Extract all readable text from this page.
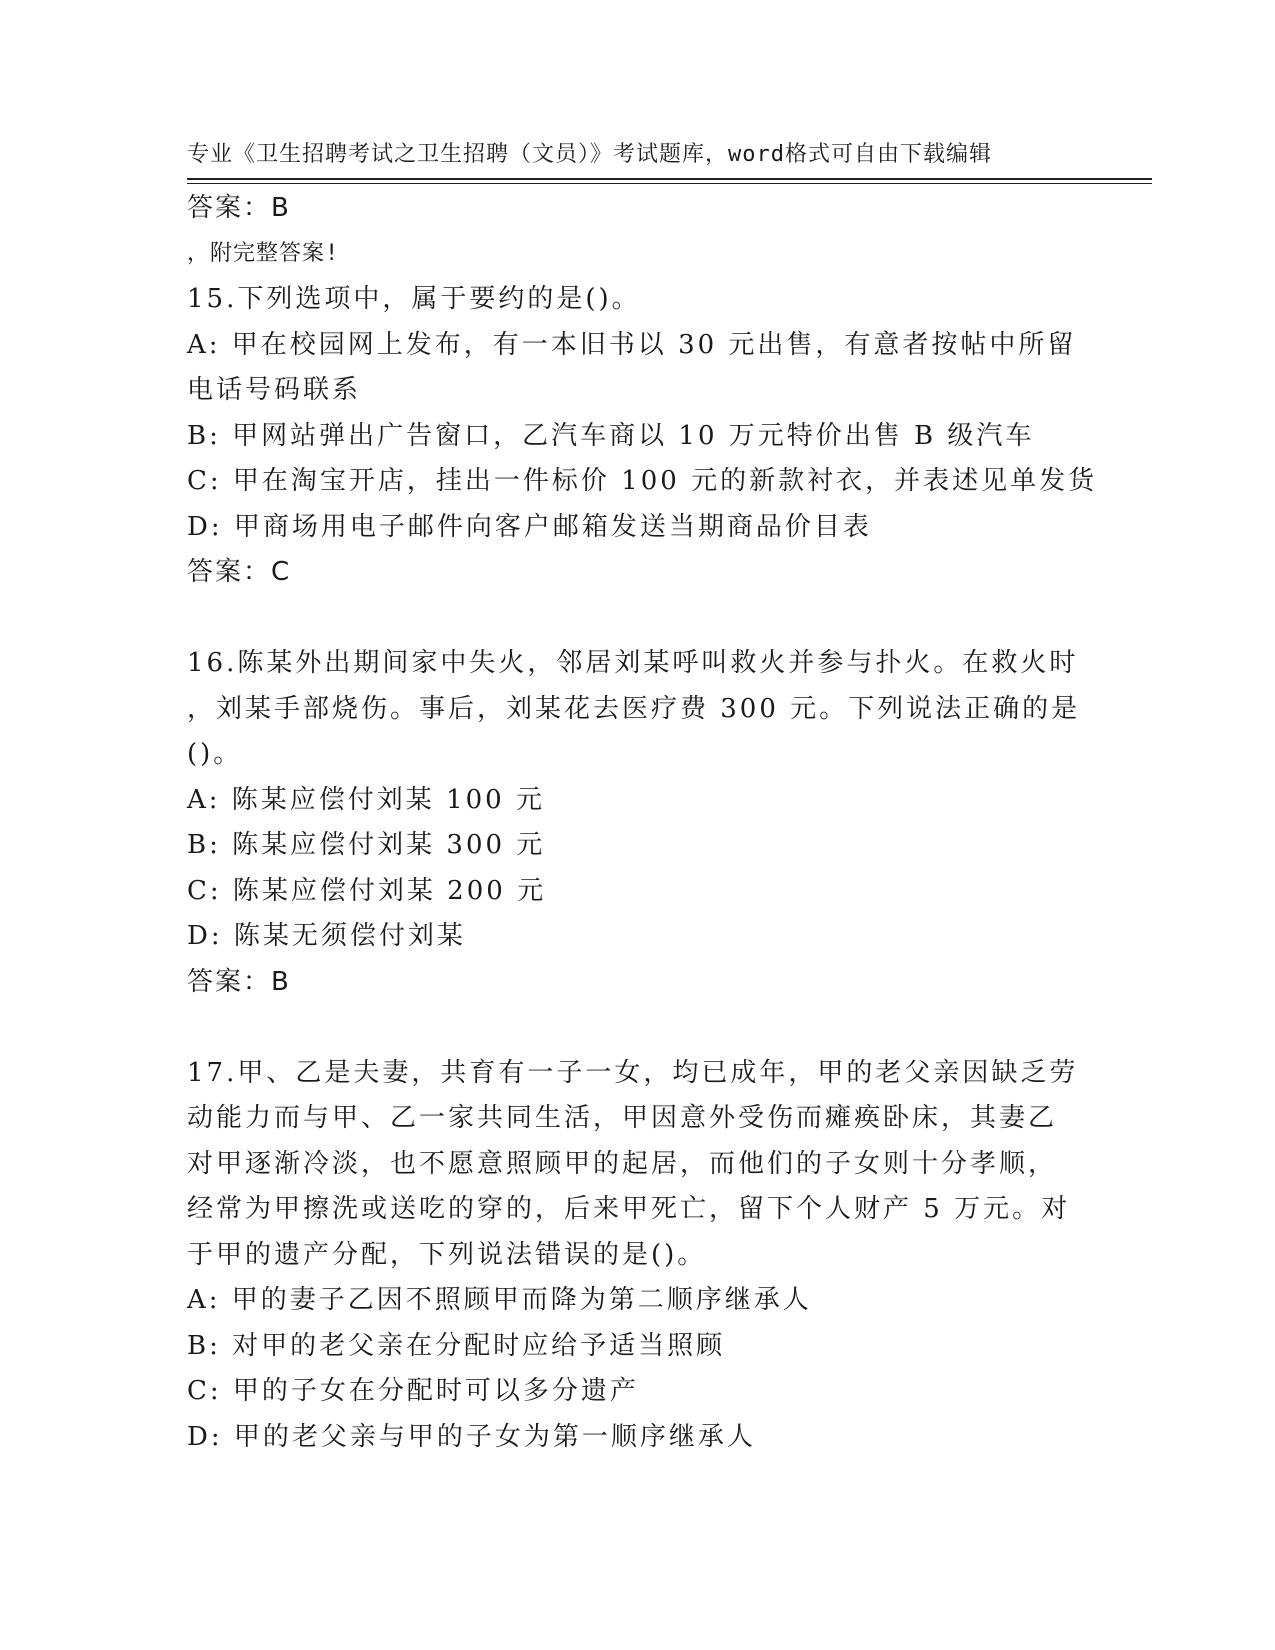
专业《卫生招聘考试之卫生招聘（文员）》考试题库，word格式可自由下载编辑

，附完整答案!

答案：B
15.下列选项中，属于要约的是()。
A: 甲在校园网上发布，有一本旧书以 30 元出售，有意者按帖中所留
电话号码联系
B: 甲网站弹出广告窗口，乙汽车商以 10 万元特价出售 B 级汽车
C: 甲在淘宝开店，挂出一件标价 100 元的新款衬衣，并表述见单发货
D: 甲商场用电子邮件向客户邮箱发送当期商品价目表
答案：C
16.陈某外出期间家中失火，邻居刘某呼叫救火并参与扑火。在救火时
，刘某手部烧伤。事后，刘某花去医疗费 300 元。下列说法正确的是
()。
A: 陈某应偿付刘某 100 元
B: 陈某应偿付刘某 300 元
C: 陈某应偿付刘某 200 元
D: 陈某无须偿付刘某
答案：B
17.甲、乙是夫妻，共育有一子一女，均已成年，甲的老父亲因缺乏劳
动能力而与甲、乙一家共同生活，甲因意外受伤而瘫痪卧床，其妻乙
对甲逐渐冷淡，也不愿意照顾甲的起居，而他们的子女则十分孝顺，
经常为甲擦洗或送吃的穿的，后来甲死亡，留下个人财产 5 万元。对
于甲的遗产分配，下列说法错误的是()。
A: 甲的妻子乙因不照顾甲而降为第二顺序继承人
B: 对甲的老父亲在分配时应给予适当照顾
C: 甲的子女在分配时可以多分遗产
D: 甲的老父亲与甲的子女为第一顺序继承人
